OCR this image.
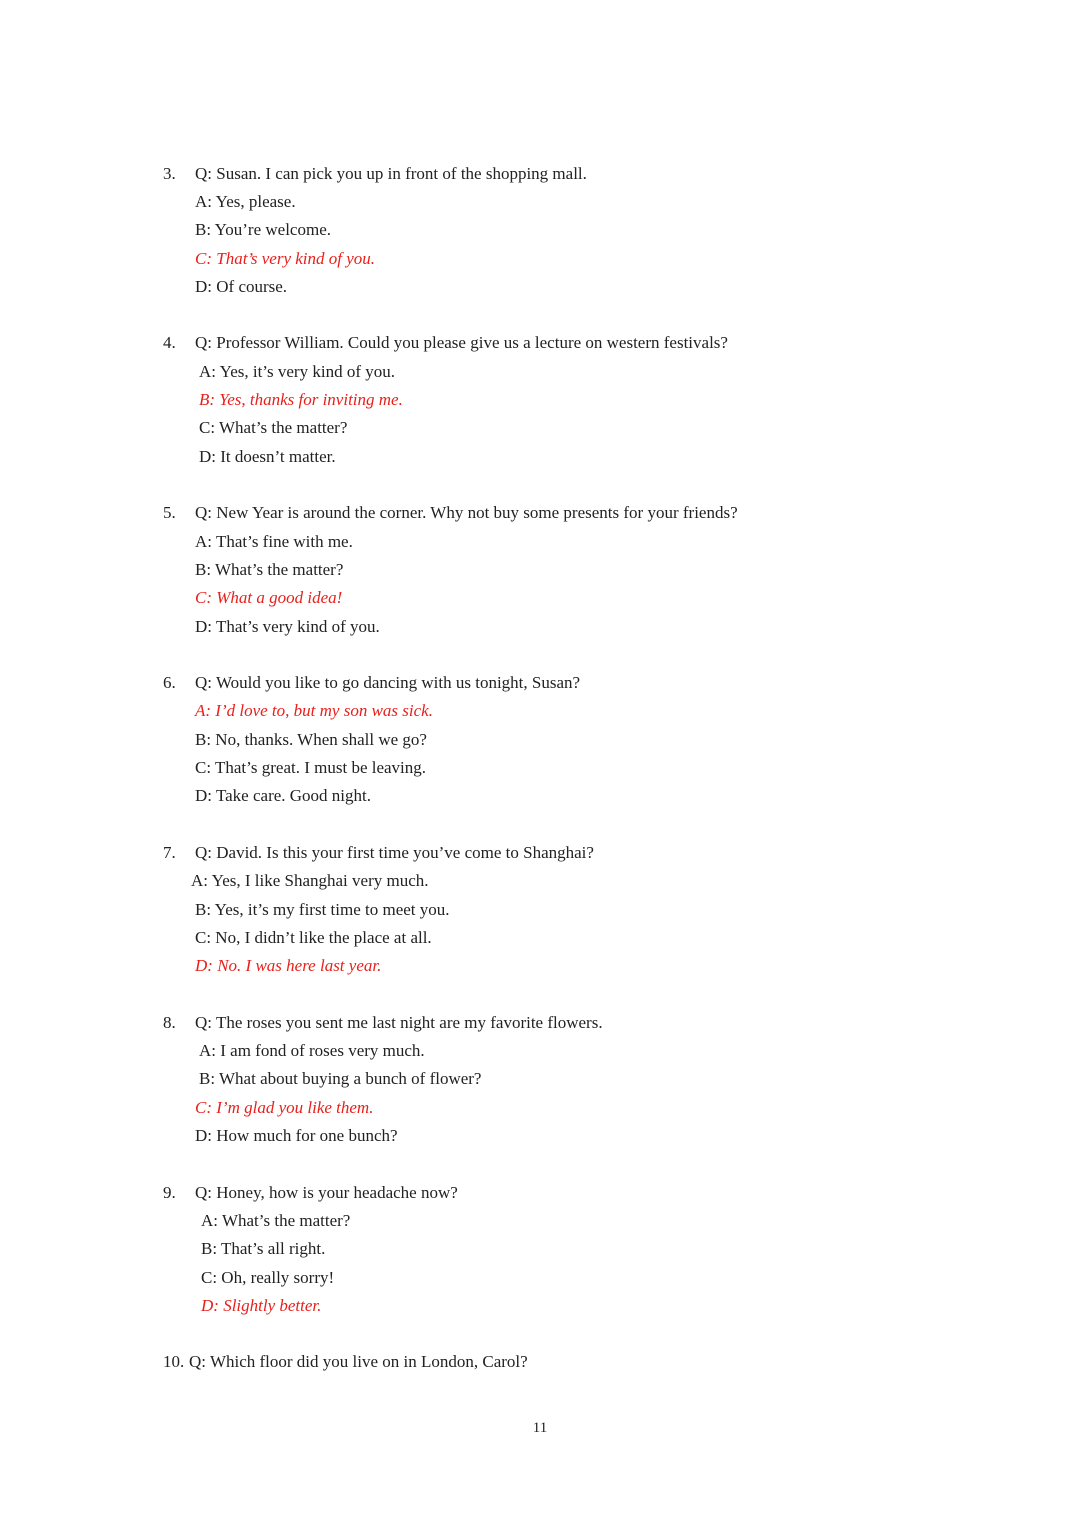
3. Q: Susan. I can pick you up in front of the shopping mall.
A: Yes, please.
B: You’re welcome.
C: That’s very kind of you.
D: Of course.
4. Q: Professor William. Could you please give us a lecture on western festivals?
A: Yes, it’s very kind of you.
B: Yes, thanks for inviting me.
C: What’s the matter?
D: It doesn’t matter.
5. Q: New Year is around the corner. Why not buy some presents for your friends?
A: That’s fine with me.
B: What’s the matter?
C: What a good idea!
D: That’s very kind of you.
6. Q: Would you like to go dancing with us tonight, Susan?
A: I’d love to, but my son was sick.
B: No, thanks. When shall we go?
C: That’s great. I must be leaving.
D: Take care. Good night.
7. Q: David. Is this your first time you’ve come to Shanghai?
A: Yes, I like Shanghai very much.
B: Yes, it’s my first time to meet you.
C: No, I didn’t like the place at all.
D: No. I was here last year.
8. Q: The roses you sent me last night are my favorite flowers.
A: I am fond of roses very much.
B: What about buying a bunch of flower?
C: I’m glad you like them.
D: How much for one bunch?
9. Q: Honey, how is your headache now?
A: What’s the matter?
B: That’s all right.
C: Oh, really sorry!
D: Slightly better.
10. Q: Which floor did you live on in London, Carol?
11
